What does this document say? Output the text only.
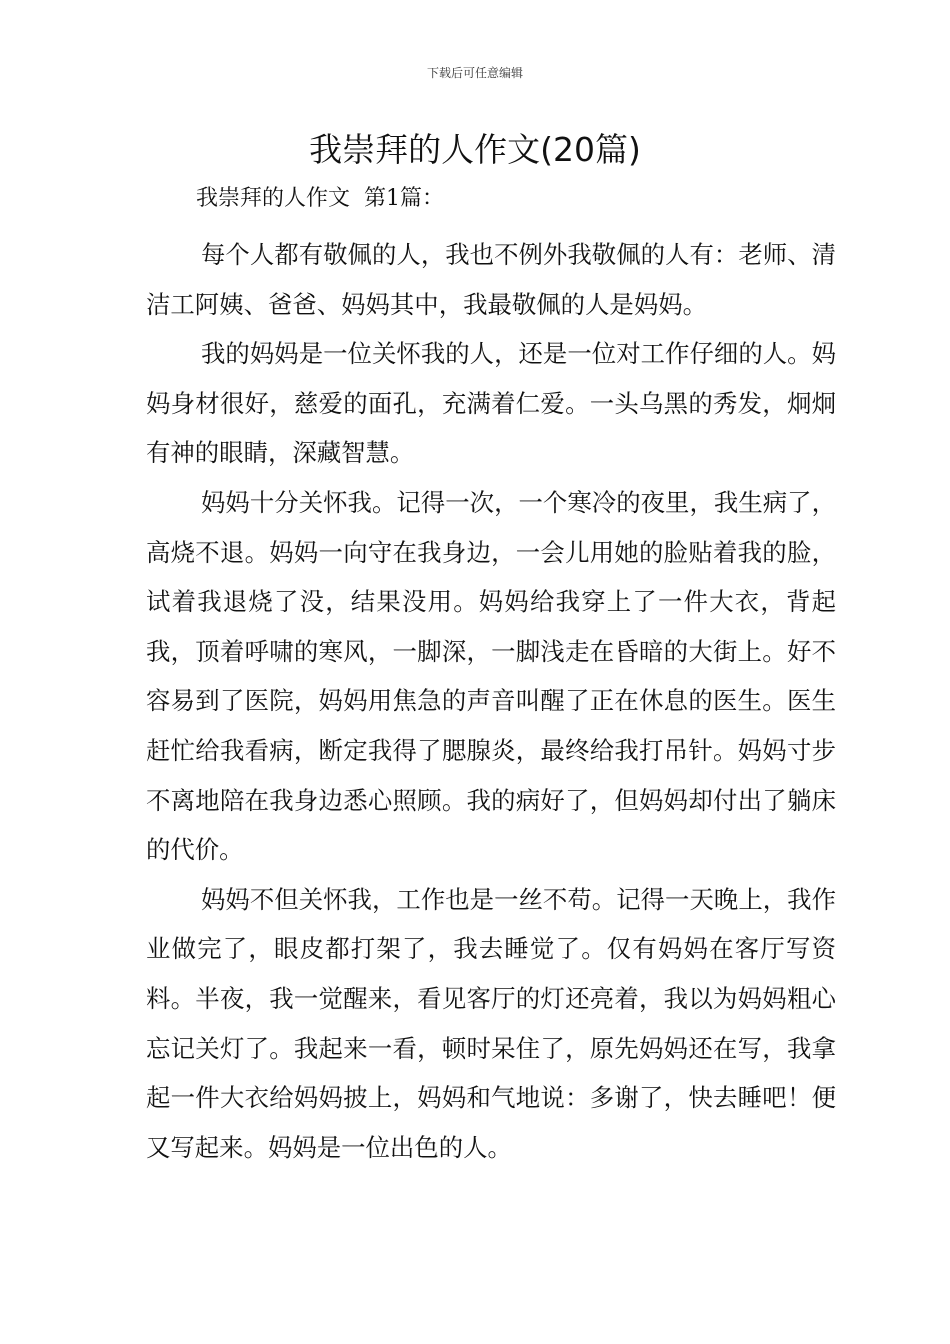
下载后可任意编辑
我崇拜的人作文(20篇)
我崇拜的人作文  第1篇：

每个人都有敬佩的人，我也不例外我敬佩的人有：老师、清洁工阿姨、爸爸、妈妈其中，我最敬佩的人是妈妈。

我的妈妈是一位关怀我的人，还是一位对工作仔细的人。妈妈身材很好，慈爱的面孔，充满着仁爱。一头乌黑的秀发，炯炯有神的眼睛，深藏智慧。

妈妈十分关怀我。记得一次，一个寒冷的夜里，我生病了，高烧不退。妈妈一向守在我身边，一会儿用她的脸贴着我的脸，试着我退烧了没，结果没用。妈妈给我穿上了一件大衣，背起我，顶着呼啸的寒风，一脚深，一脚浅走在昏暗的大街上。好不容易到了医院，妈妈用焦急的声音叫醒了正在休息的医生。医生赶忙给我看病，断定我得了腮腺炎，最终给我打吊针。妈妈寸步不离地陪在我身边悉心照顾。我的病好了，但妈妈却付出了躺床的代价。

妈妈不但关怀我，工作也是一丝不苟。记得一天晚上，我作业做完了，眼皮都打架了，我去睡觉了。仅有妈妈在客厅写资料。半夜，我一觉醒来，看见客厅的灯还亮着，我以为妈妈粗心忘记关灯了。我起来一看，顿时呆住了，原先妈妈还在写，我拿起一件大衣给妈妈披上，妈妈和气地说：多谢了，快去睡吧！便又写起来。妈妈是一位出色的人。
